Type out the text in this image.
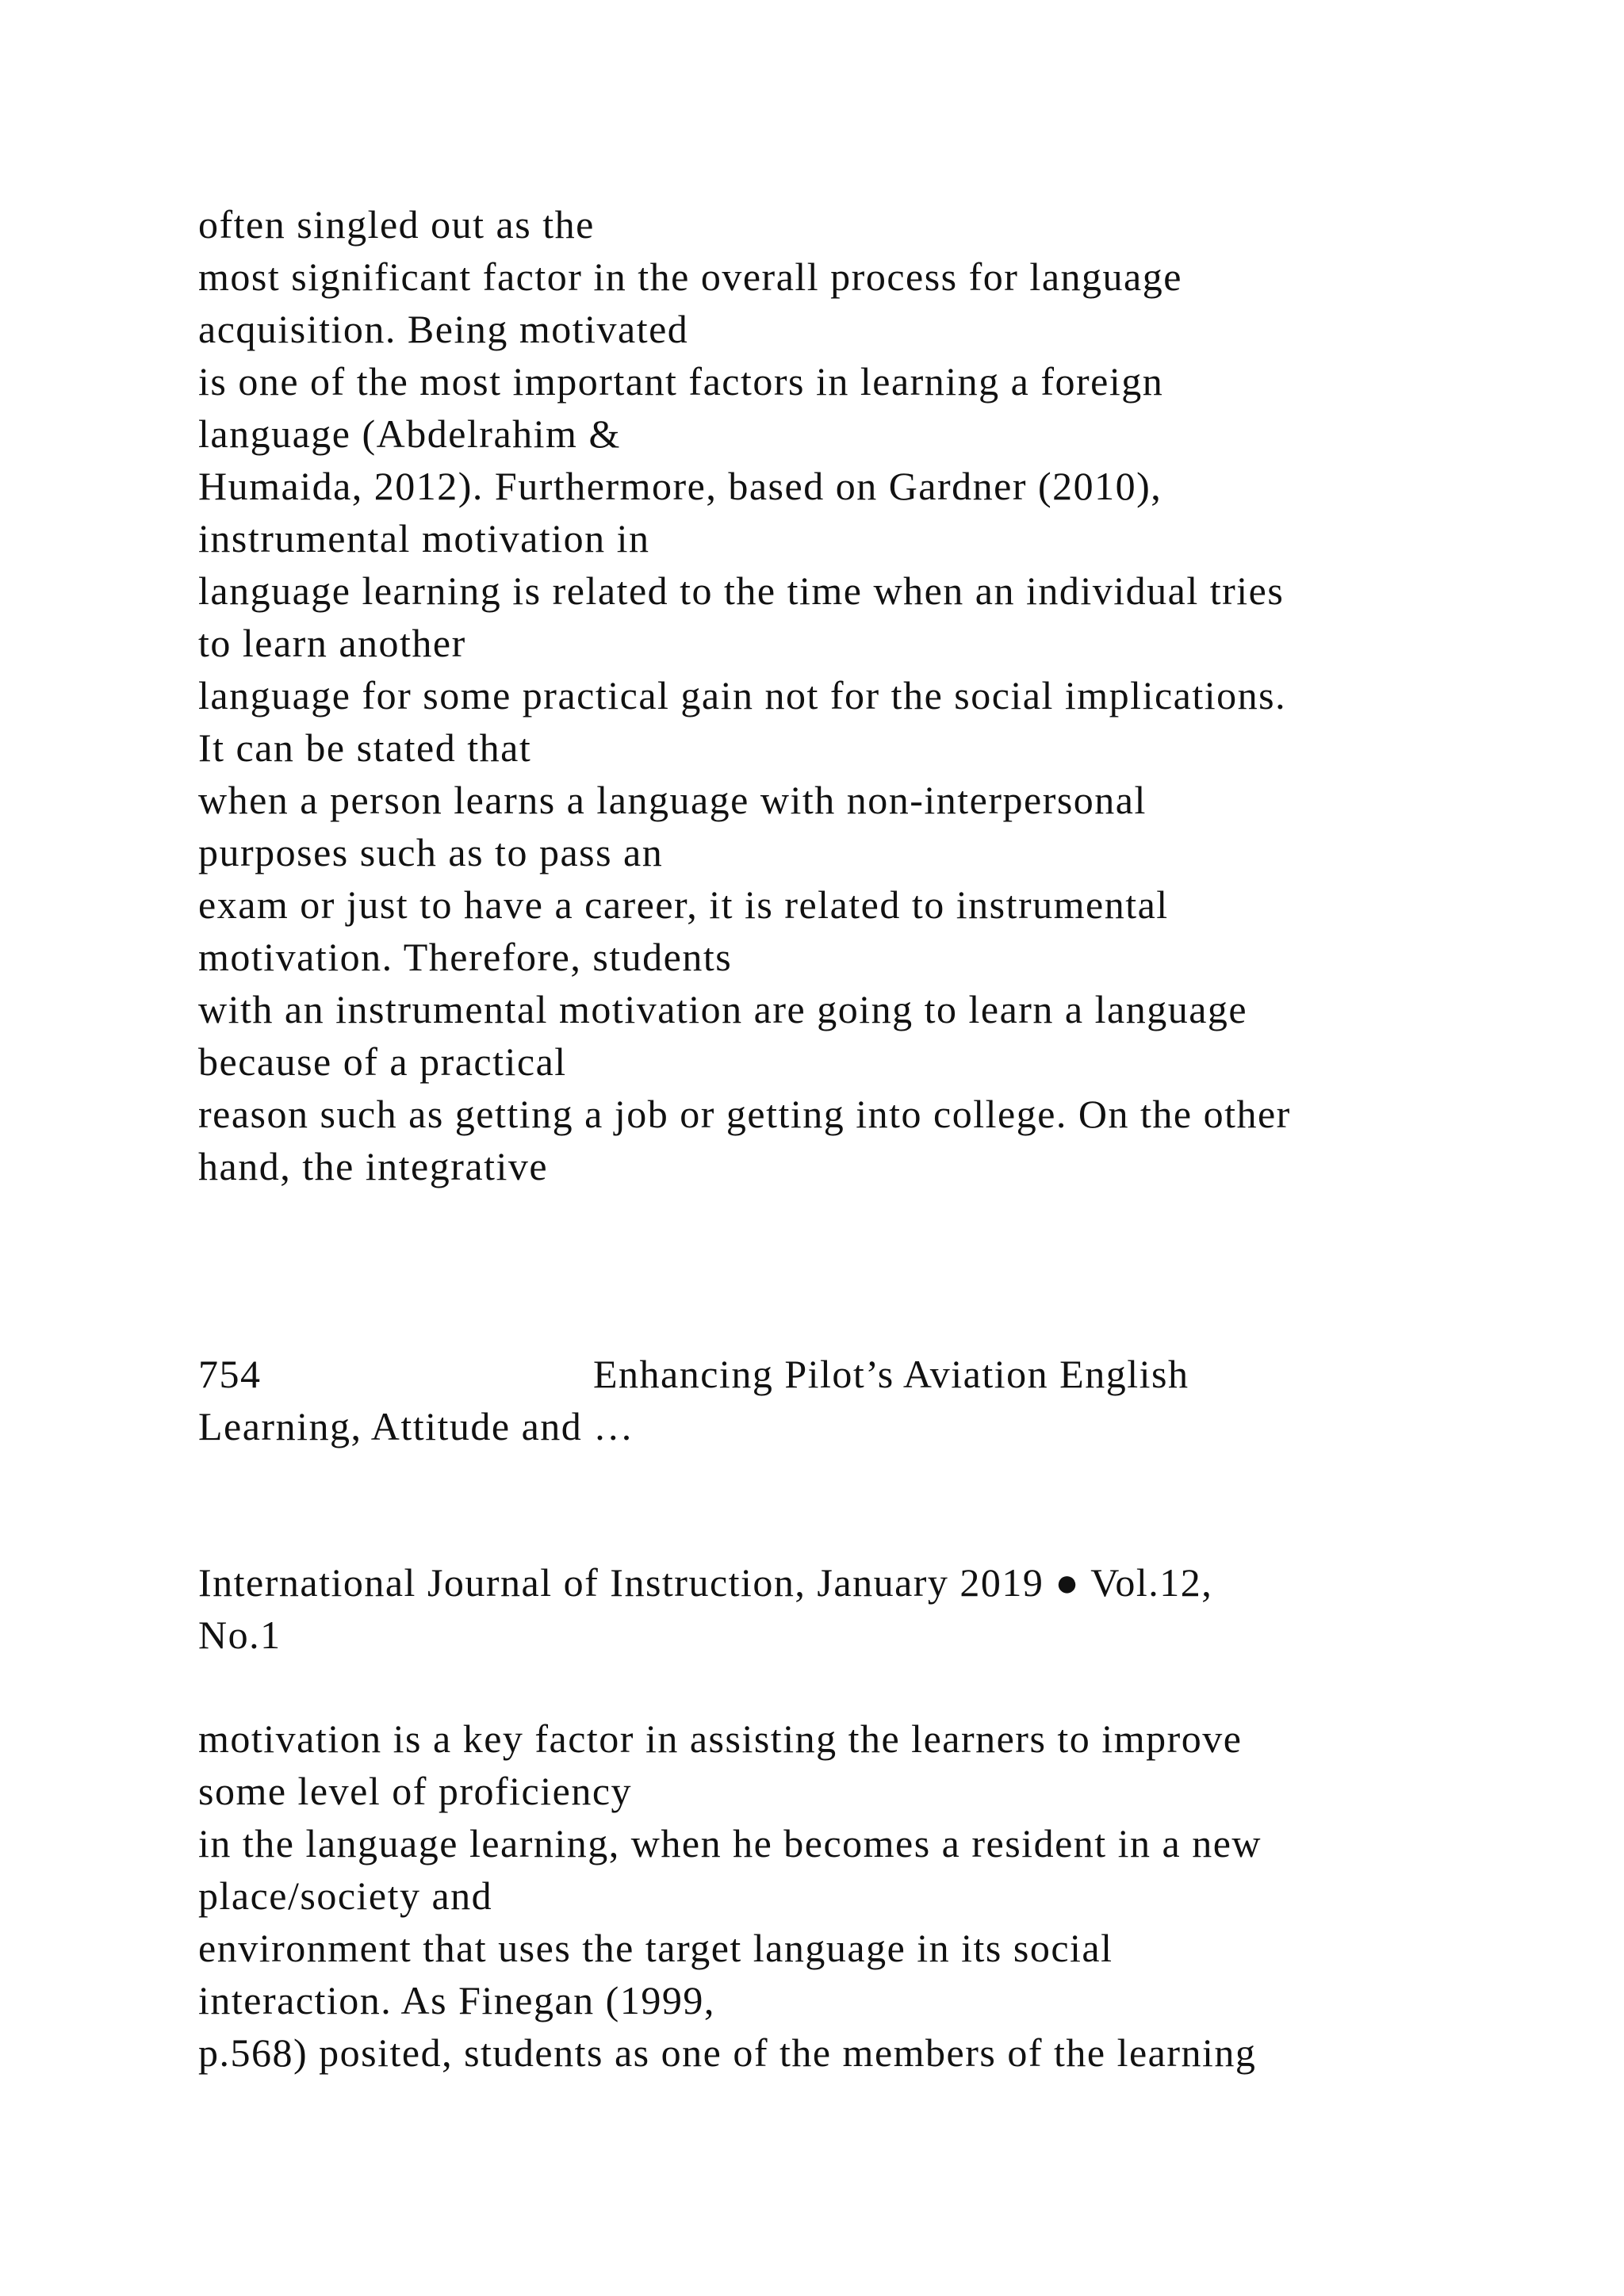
often singled out as the
most significant factor in the overall process for language
acquisition. Being motivated
is one of the most important factors in learning a foreign
language (Abdelrahim &
Humaida, 2012). Furthermore, based on Gardner (2010),
instrumental motivation in
language learning is related to the time when an individual tries
to learn another
language for some practical gain not for the social implications.
It can be stated that
when a person learns a language with non-interpersonal
purposes such as to pass an
exam or just to have a career, it is related to instrumental
motivation. Therefore, students
with an instrumental motivation are going to learn a language
because of a practical
reason such as getting a job or getting into college. On the other
hand, the integrative
754	Enhancing Pilot’s Aviation English
Learning, Attitude and …
International Journal of Instruction, January 2019 ● Vol.12,
No.1
motivation is a key factor in assisting the learners to improve
some level of proficiency
in the language learning, when he becomes a resident in a new
place/society and
environment that uses the target language in its social
interaction. As Finegan (1999,
p.568) posited, students as one of the members of the learning
